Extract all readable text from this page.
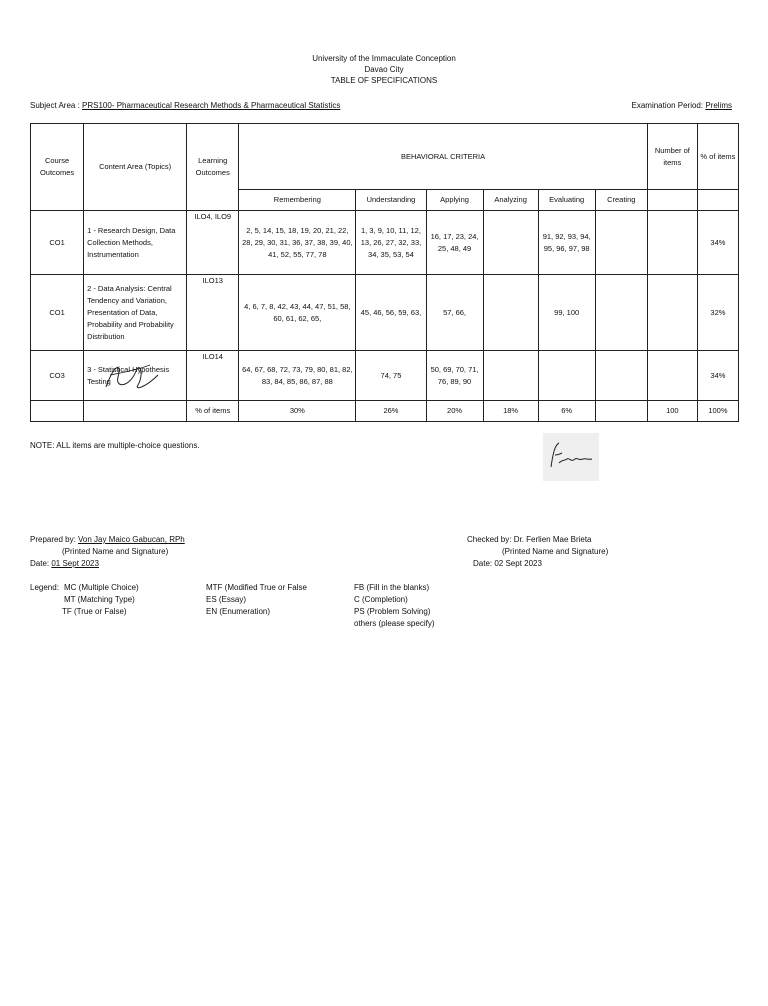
University of the Immaculate Conception
Davao City
TABLE OF SPECIFICATIONS
Subject Area : PRS100- Pharmaceutical Research Methods & Pharmaceutical Statistics	Examination Period: Prelims
Course Outcomes	Content Area (Topics)	Learning Outcomes	BEHAVIORAL CRITERIA						Number of items	% of items
			Remembering	Understanding	Applying	Analyzing	Evaluating	Creating		
CO1	1 - Research Design, Data Collection Methods, Instrumentation	ILO4, ILO9	2, 5, 14, 15, 18, 19, 20, 21, 22, 28, 29, 30, 31, 36, 37, 38, 39, 40, 41, 52, 55, 77, 78	1, 3, 9, 10, 11, 12, 13, 26, 27, 32, 33, 34, 35, 53, 54	16, 17, 23, 24, 25, 48, 49		91, 92, 93, 94, 95, 96, 97, 98			34%
CO1	2 - Data Analysis: Central Tendency and Variation, Presentation of Data, Probability and Probability Distribution	ILO13	4, 6, 7, 8, 42, 43, 44, 47, 51, 58, 60, 61, 62, 65,	45, 46, 56, 59, 63,	57, 66,		99, 100			32%
CO3	3 - Statistical Hypothesis Testing	ILO14	64, 67, 68, 72, 73, 79, 80, 81, 82, 83, 84, 85, 86, 87, 88	74, 75	50, 69, 70, 71, 76, 89, 90					34%
		% of items	30%	26%	20%	18%	6%		100	100%
NOTE: ALL items are multiple-choice questions.
Prepared by: Von Jay Maico Gabucan, RPh
(Printed Name and Signature)
Date: 01 Sept 2023
Checked by: Dr. Ferlien Mae Brieta
(Printed Name and Signature)
Date: 02 Sept 2023
Legend: MC (Multiple Choice)
MT (Matching Type)
TF (True or False)
MTF (Modified True or False
ES (Essay)
EN (Enumeration)
FB (Fill in the blanks)
C (Completion)
PS (Problem Solving)
others (please specify)
